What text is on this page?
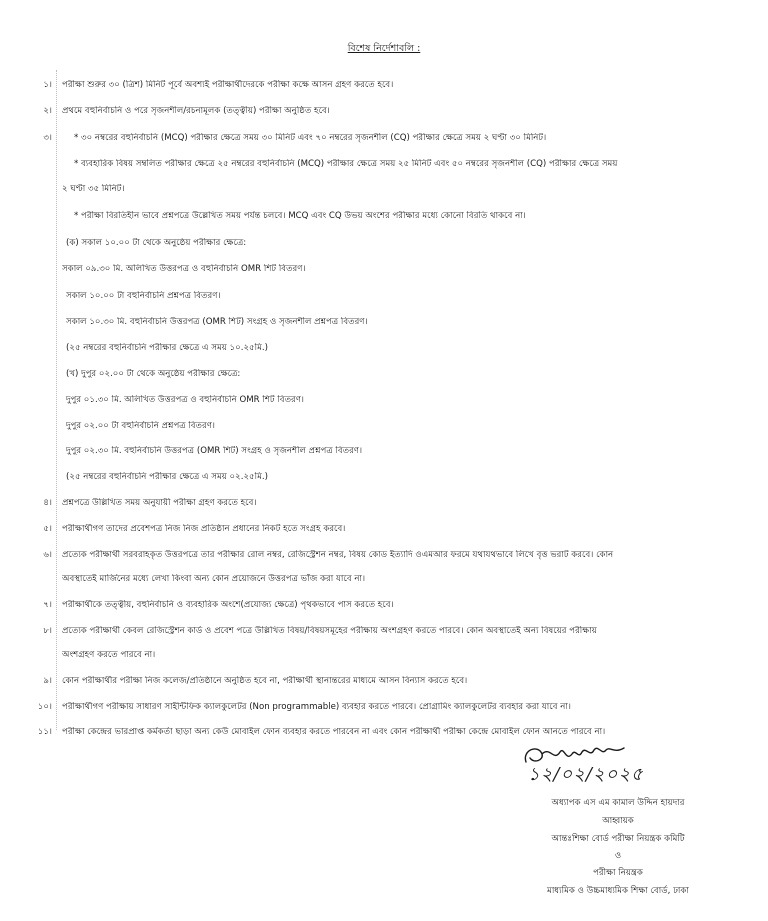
বিশেষ নির্দেশাবলি :
১। পরীক্ষা শুরুর ৩০ (ত্রিশ) মিনিট পূর্বে অবশ্যই পরীক্ষার্থীদেরকে পরীক্ষা কক্ষে আসন গ্রহণ করতে হবে।
২। প্রথমে বহুনির্বাচনি ও পরে সৃজনশীল/রচনামূলক (তত্ত্বীয়) পরীক্ষা অনুষ্ঠিত হবে।
৩।	* ৩০ নম্বরের বহুনির্বাচনি (MCQ) পরীক্ষার ক্ষেত্রে সময় ৩০ মিনিট এবং ৭০ নম্বরের সৃজনশীল (CQ) পরীক্ষার ক্ষেত্রে সময় ২ ঘণ্টা ৩০ মিনিট।
* ব্যবহারিক বিষয় সম্বলিত পরীক্ষার ক্ষেত্রে ২৫ নম্বরের বহুনির্বাচনি (MCQ) পরীক্ষার ক্ষেত্রে সময় ২৫ মিনিট এবং ৫০ নম্বরের সৃজনশীল (CQ) পরীক্ষার ক্ষেত্রে সময়
২ ঘণ্টা ৩৫ মিনিট।
* পরীক্ষা বিরতিহীন ভাবে প্রশ্নপত্রে উল্লেখিত সময় পর্যন্ত চলবে। MCQ এবং CQ উভয় অংশের পরীক্ষার মধ্যে কোনো বিরতি থাকবে না।
(ক) সকাল ১০.০০ টা থেকে অনুষ্ঠেয় পরীক্ষার ক্ষেত্রে:
সকাল ০৯.৩০ মি. অলিখিত উত্তরপত্র ও বহুনির্বাচনি OMR শিট বিতরণ।
সকাল ১০.০০ টা বহুনির্বাচনি প্রশ্নপত্র বিতরণ।
সকাল ১০.৩০ মি. বহুনির্বাচনি উত্তরপত্র (OMR শিট) সংগ্রহ ও সৃজনশীল প্রশ্নপত্র বিতরণ।
(২৫ নম্বরের বহুনির্বাচনি পরীক্ষার ক্ষেত্রে এ সময় ১০.২৫মি.)
(খ) দুপুর ০২.০০ টা থেকে অনুষ্ঠেয় পরীক্ষার ক্ষেত্রে:
দুপুর ০১.৩০ মি. অলিখিত উত্তরপত্র ও বহুনির্বাচনি OMR শিট বিতরণ।
দুপুর ০২.০০ টা বহুনির্বাচনি প্রশ্নপত্র বিতরণ।
দুপুর ০২.৩০ মি. বহুনির্বাচনি উত্তরপত্র (OMR শিট) সংগ্রহ ও সৃজনশীল প্রশ্নপত্র বিতরণ।
(২৫ নম্বরের বহুনির্বাচনি পরীক্ষার ক্ষেত্রে এ সময় ০২.২৫মি.)
৪। প্রশ্নপত্রে উল্লিখিত সময় অনুযায়ী পরীক্ষা গ্রহণ করতে হবে।
৫। পরীক্ষার্থীগণ তাদের প্রবেশপত্র নিজ নিজ প্রতিষ্ঠান প্রধানের নিকট হতে সংগ্রহ করবে।
৬। প্রত্যেক পরীক্ষার্থী সরবরাহকৃত উত্তরপত্রে তার পরীক্ষার রোল নম্বর, রেজিস্ট্রেশন নম্বর, বিষয় কোড ইত্যাদি ওএমআর ফরমে যথাযথভাবে লিখে বৃত্ত ভরাট করবে। কোন
অবস্থাতেই মার্জিনের মধ্যে লেখা কিংবা অন্য কোন প্রয়োজনে উত্তরপত্র ভাঁজ করা যাবে না।
৭। পরীক্ষার্থীকে তত্ত্বীয়, বহুনির্বাচনি ও ব্যবহারিক অংশে(প্রযোজ্য ক্ষেত্রে) পৃথকভাবে পাস করতে হবে।
৮। প্রত্যেক পরীক্ষার্থী কেবল রেজিস্ট্রেশন কার্ড ও প্রবেশ পত্রে উল্লিখিত বিষয়/বিষয়সমূহের পরীক্ষায় অংশগ্রহণ করতে পারবে। কোন অবস্থাতেই অন্য বিষয়ের পরীক্ষায়
অংশগ্রহণ করতে পারবে না।
৯। কোন পরীক্ষার্থীর পরীক্ষা নিজ কলেজ/প্রতিষ্ঠানে অনুষ্ঠিত হবে না, পরীক্ষার্থী স্থানান্তরের মাধ্যমে আসন বিন্যাস করতে হবে।
১০। পরীক্ষার্থীগণ পরীক্ষায় সাধারণ সাইন্টিফিক ক্যালকুলেটর (Non programmable) ব্যবহার করতে পারবে। প্রোগ্রামিং ক্যালকুলেটর ব্যবহার করা যাবে না।
১১। পরীক্ষা কেন্দ্রের ভারপ্রাপ্ত কর্মকর্তা ছাড়া অন্য কেউ মোবাইল ফোন ব্যবহার করতে পারবেন না এবং কোন পরীক্ষার্থী পরীক্ষা কেন্দ্রে মোবাইল ফোন আনতে পারবে না।
১২/০২/২০২৫
অধ্যাপক এস এম কামাল উদ্দিন হায়দার
আহ্বায়ক
আন্তঃশিক্ষা বোর্ড পরীক্ষা নিয়ন্ত্রক কমিটি
ও
পরীক্ষা নিয়ন্ত্রক
মাধ্যমিক ও উচ্চমাধ্যমিক শিক্ষা বোর্ড, ঢাকা
